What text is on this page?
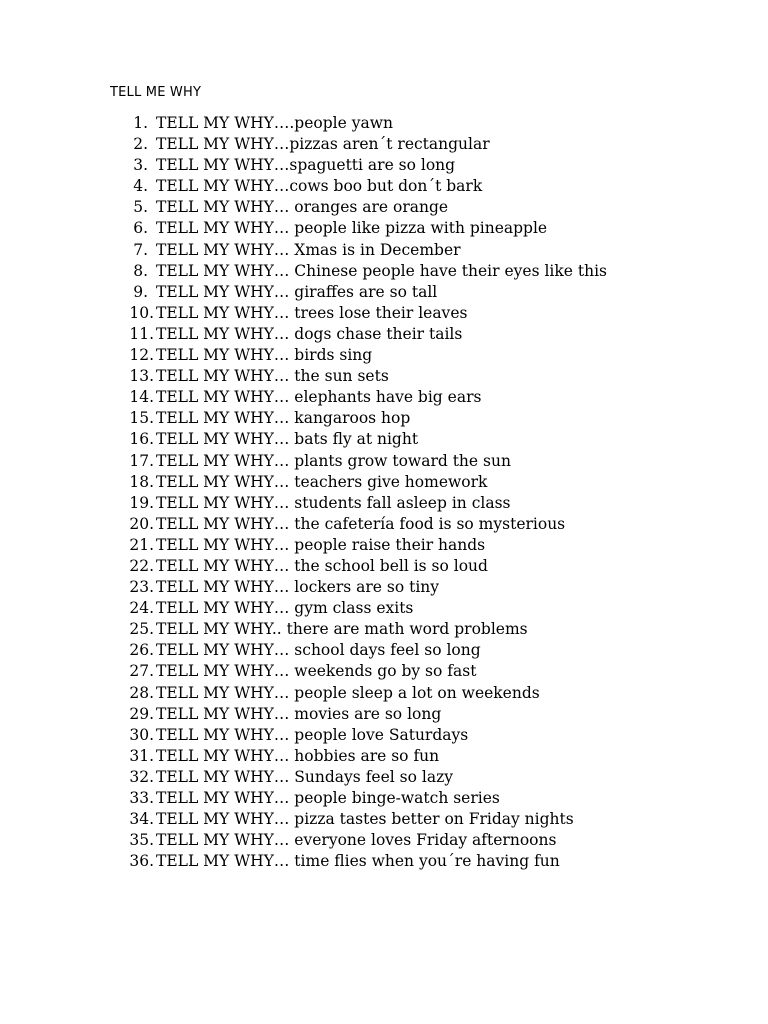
TELL ME WHY
1. TELL MY WHY….people yawn
2. TELL MY WHY…pizzas aren´t rectangular
3. TELL MY WHY…spaguetti are so long
4. TELL MY WHY…cows boo but don´t bark
5. TELL MY WHY… oranges are orange
6. TELL MY WHY… people like pizza with pineapple
7. TELL MY WHY… Xmas is in December
8. TELL MY WHY… Chinese people have their eyes like this
9. TELL MY WHY… giraffes are so tall
10. TELL MY WHY… trees lose their leaves
11. TELL MY WHY… dogs chase their tails
12. TELL MY WHY… birds sing
13. TELL MY WHY… the sun sets
14. TELL MY WHY… elephants have big ears
15. TELL MY WHY… kangaroos hop
16. TELL MY WHY… bats fly at night
17. TELL MY WHY… plants grow toward the sun
18. TELL MY WHY… teachers give homework
19. TELL MY WHY… students fall asleep in class
20. TELL MY WHY… the cafetería food is so mysterious
21. TELL MY WHY… people raise their hands
22. TELL MY WHY… the school bell is so loud
23. TELL MY WHY… lockers are so tiny
24. TELL MY WHY… gym class exits
25. TELL MY WHY.. there are math word problems
26. TELL MY WHY… school days feel so long
27. TELL MY WHY… weekends go by so fast
28. TELL MY WHY… people sleep a lot on weekends
29. TELL MY WHY… movies are so long
30. TELL MY WHY… people love Saturdays
31. TELL MY WHY… hobbies are so fun
32. TELL MY WHY… Sundays feel so lazy
33. TELL MY WHY… people binge-watch series
34. TELL MY WHY… pizza tastes better on Friday nights
35. TELL MY WHY… everyone loves Friday afternoons
36. TELL MY WHY… time flies when you´re having fun
